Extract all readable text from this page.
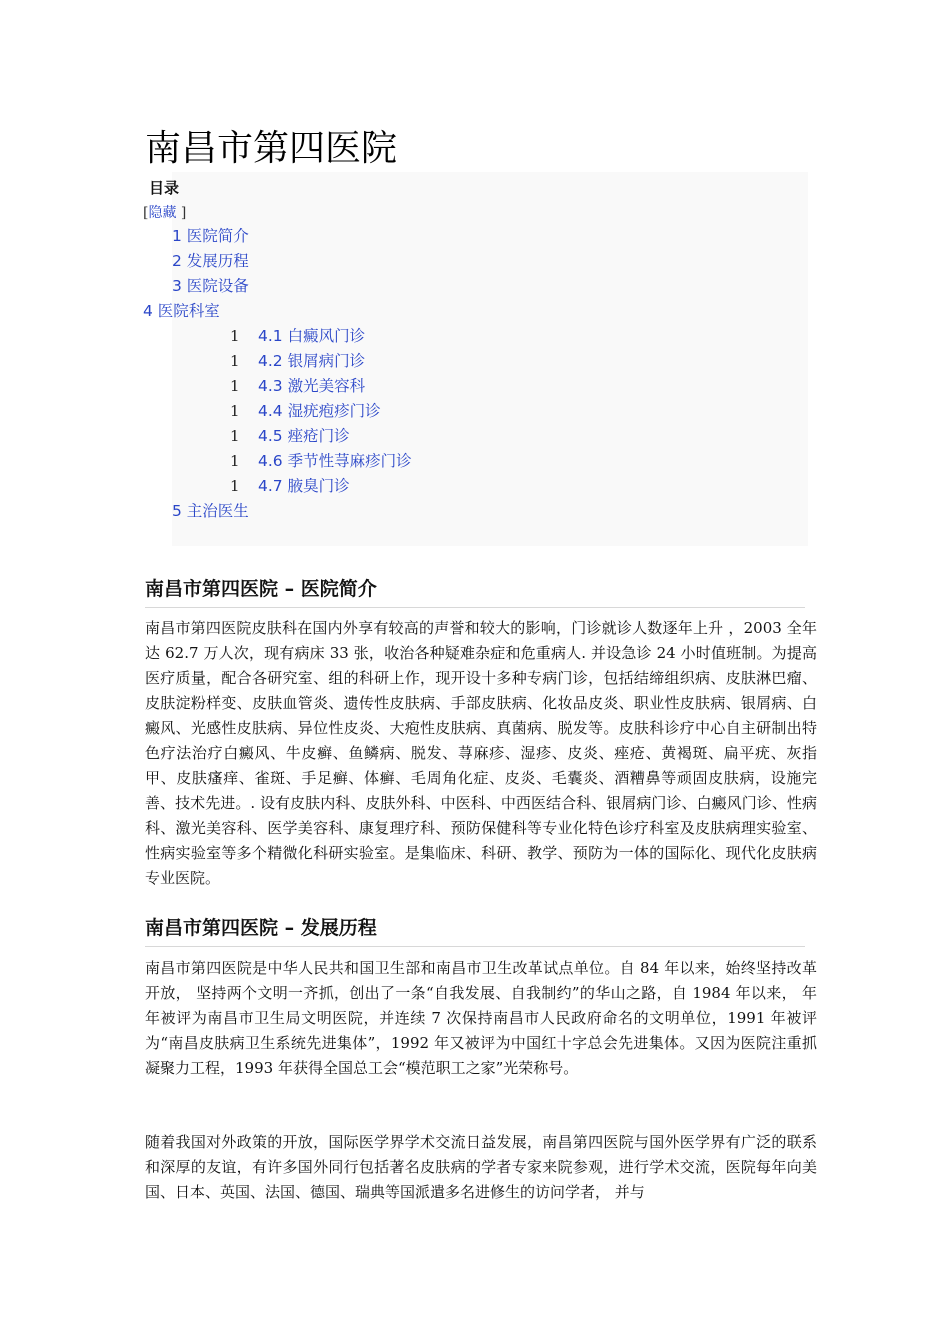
南昌市第四医院
目录
[隐藏 ]
1 医院简介
2 发展历程
3 医院设备
4 医院科室
1 4.1 白癜风门诊
1 4.2 银屑病门诊
1 4.3 激光美容科
1 4.4 湿疣疱疹门诊
1 4.5 痤疮门诊
1 4.6 季节性荨麻疹门诊
1 4.7 腋臭门诊
5 主治医生
南昌市第四医院 – 医院简介

南昌市第四医院皮肤科在国内外享有较高的声誉和较大的影响，门诊就诊人数逐年上升 ，2003 全年达 62.7 万人次，现有病床 33 张，收治各种疑难杂症和危重病人. 并设急诊 24 小时值班制。为提高医疗质量，配合各研究室、组的科研上作，现开设十多种专病门诊，包括结缔组织病、皮肤淋巴瘤、皮肤淀粉样变、皮肤血管炎、遗传性皮肤病、手部皮肤病、化妆品皮炎、职业性皮肤病、银屑病、白癜风、光感性皮肤病、异位性皮炎、大疱性皮肤病、真菌病、脱发等。皮肤科诊疗中心自主研制出特色疗法治疗白癜风、牛皮癣、鱼鳞病、脱发、荨麻疹、湿疹、皮炎、痤疮、黄褐斑、扁平疣、灰指甲、皮肤瘙痒、雀斑、手足癣、体癣、毛周角化症、皮炎、毛囊炎、酒糟鼻等顽固皮肤病，设施完善、技术先进。. 设有皮肤内科、皮肤外科、中医科、中西医结合科、银屑病门诊、白癜风门诊、性病科、激光美容科、医学美容科、康复理疗科、预防保健科等专业化特色诊疗科室及皮肤病理实验室、性病实验室等多个精微化科研实验室。是集临床、科研、教学、预防为一体的国际化、现代化皮肤病专业医院。

南昌市第四医院 – 发展历程

南昌市第四医院是中华人民共和国卫生部和南昌市卫生改革试点单位。自 84 年以来，始终坚持改革开放， 坚持两个文明一齐抓，创出了一条“自我发展、自我制约”的华山之路，自 1984 年以来， 年年被评为南昌市卫生局文明医院，并连续 7 次保持南昌市人民政府命名的文明单位，1991 年被评为“南昌皮肤病卫生系统先进集体”，1992 年又被评为中国红十字总会先进集体。又因为医院注重抓凝聚力工程，1993 年获得全国总工会“模范职工之家”光荣称号。

随着我国对外政策的开放，国际医学界学术交流日益发展，南昌第四医院与国外医学界有广泛的联系和深厚的友谊，有许多国外同行包括著名皮肤病的学者专家来院参观，进行学术交流，医院每年向美国、日本、英国、法国、德国、瑞典等国派遣多名进修生的访问学者， 并与
